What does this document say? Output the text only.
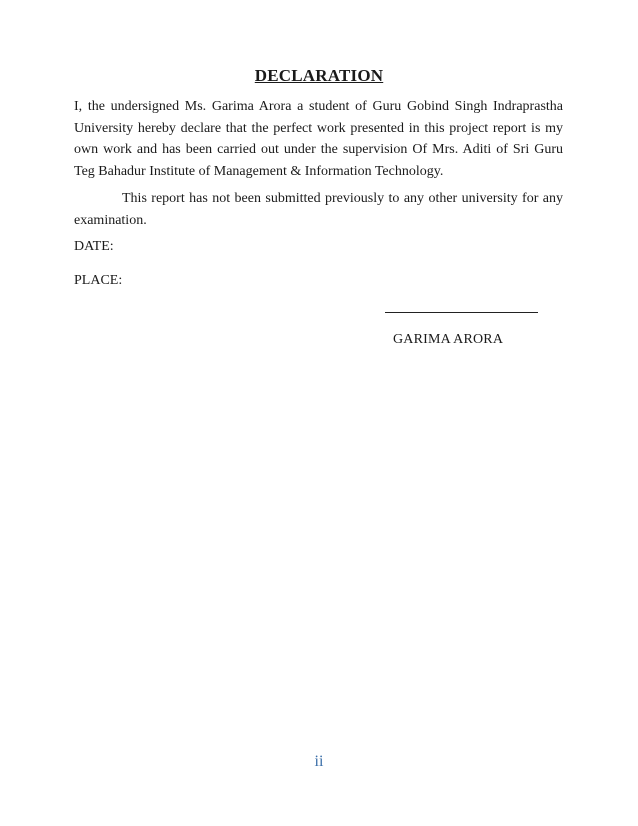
DECLARATION
I, the undersigned Ms. Garima Arora a student of Guru Gobind Singh Indraprastha University hereby declare that the perfect work presented in this project report is my own work and has been carried out under the supervision Of Mrs. Aditi of Sri Guru Teg Bahadur Institute of Management & Information Technology.
This report has not been submitted previously to any other university for any examination.
DATE:
PLACE:
GARIMA ARORA
ii
